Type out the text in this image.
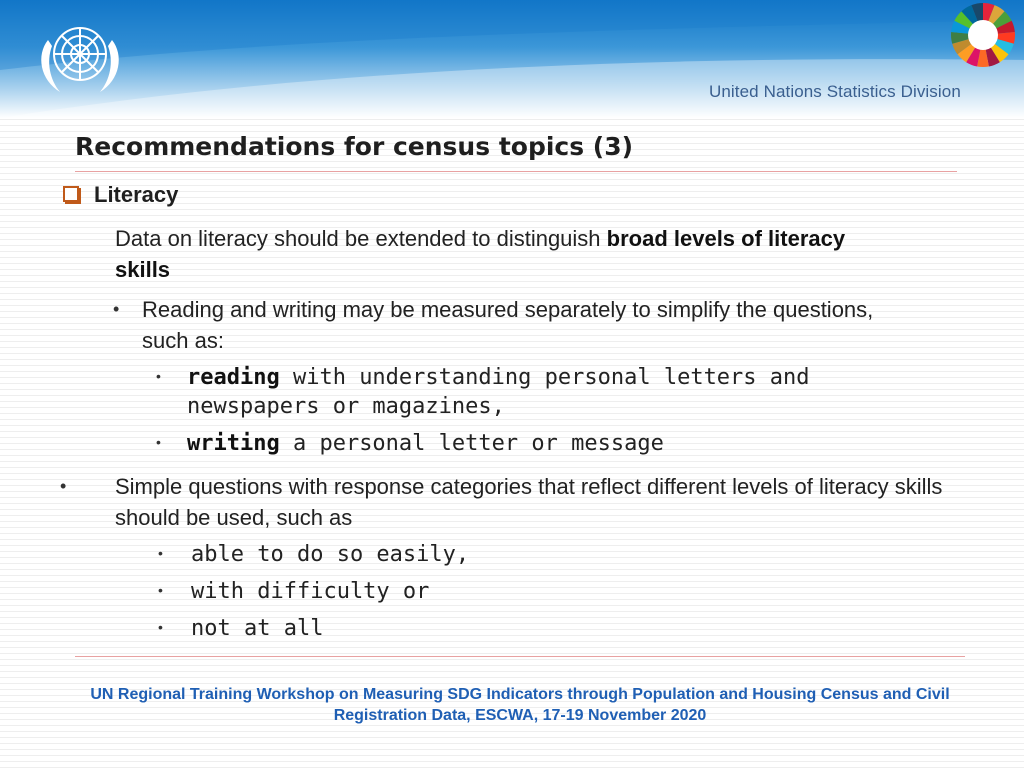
United Nations Statistics Division
Recommendations for census topics (3)
Literacy
Data on literacy should be extended to distinguish broad levels of literacy skills
• Reading and writing may be measured separately to simplify the questions, such as:
• reading with understanding personal letters and newspapers or magazines,
• writing a personal letter or message
• Simple questions with response categories that reflect different levels of literacy skills should be used, such as
• able to do so easily,
• with difficulty or
• not at all
UN Regional Training Workshop on Measuring SDG Indicators through Population and Housing Census and Civil Registration Data, ESCWA, 17-19 November 2020
